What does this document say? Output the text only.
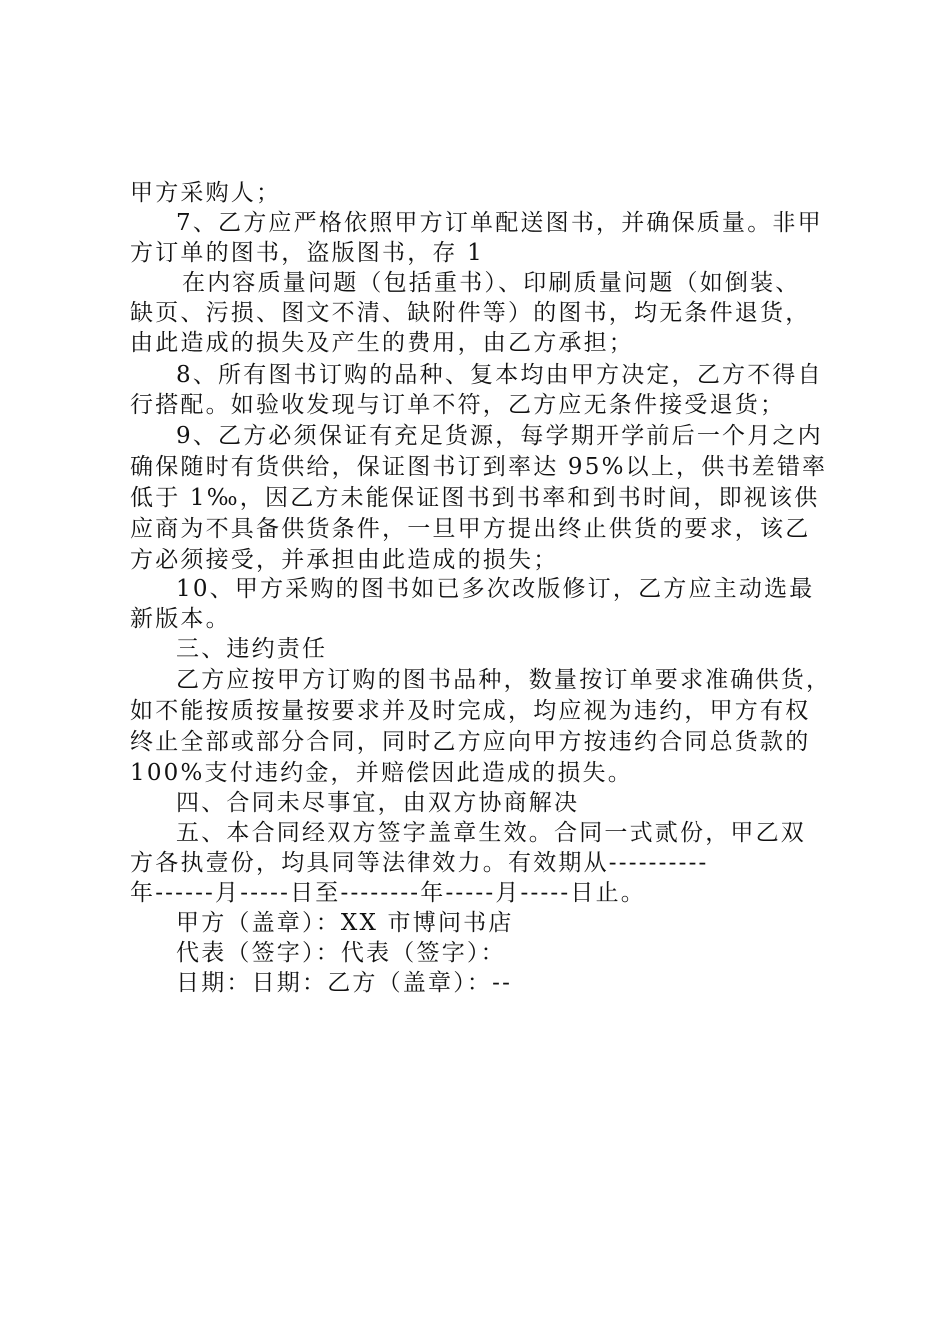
甲方采购人；
7、乙方应严格依照甲方订单配送图书，并确保质量。非甲
方订单的图书，盗版图书，存 1
在内容质量问题（包括重书）、印刷质量问题（如倒装、
缺页、污损、图文不清、缺附件等）的图书，均无条件退货，
由此造成的损失及产生的费用，由乙方承担；
8、所有图书订购的品种、复本均由甲方决定，乙方不得自
行搭配。如验收发现与订单不符，乙方应无条件接受退货；
9、乙方必须保证有充足货源，每学期开学前后一个月之内
确保随时有货供给，保证图书订到率达 95%以上，供书差错率
低于 1‰，因乙方未能保证图书到书率和到书时间，即视该供
应商为不具备供货条件，一旦甲方提出终止供货的要求，该乙
方必须接受，并承担由此造成的损失；
10、甲方采购的图书如已多次改版修订，乙方应主动选最
新版本。
三、违约责任
乙方应按甲方订购的图书品种，数量按订单要求准确供货，
如不能按质按量按要求并及时完成，均应视为违约，甲方有权
终止全部或部分合同，同时乙方应向甲方按违约合同总货款的
100%支付违约金，并赔偿因此造成的损失。
四、合同未尽事宜，由双方协商解决
五、本合同经双方签字盖章生效。合同一式贰份，甲乙双
方各执壹份，均具同等法律效力。有效期从----------
年------月-----日至--------年-----月-----日止。
甲方（盖章）：XX 市博问书店
代表（签字）：代表（签字）：
日期：日期：乙方（盖章）：--
